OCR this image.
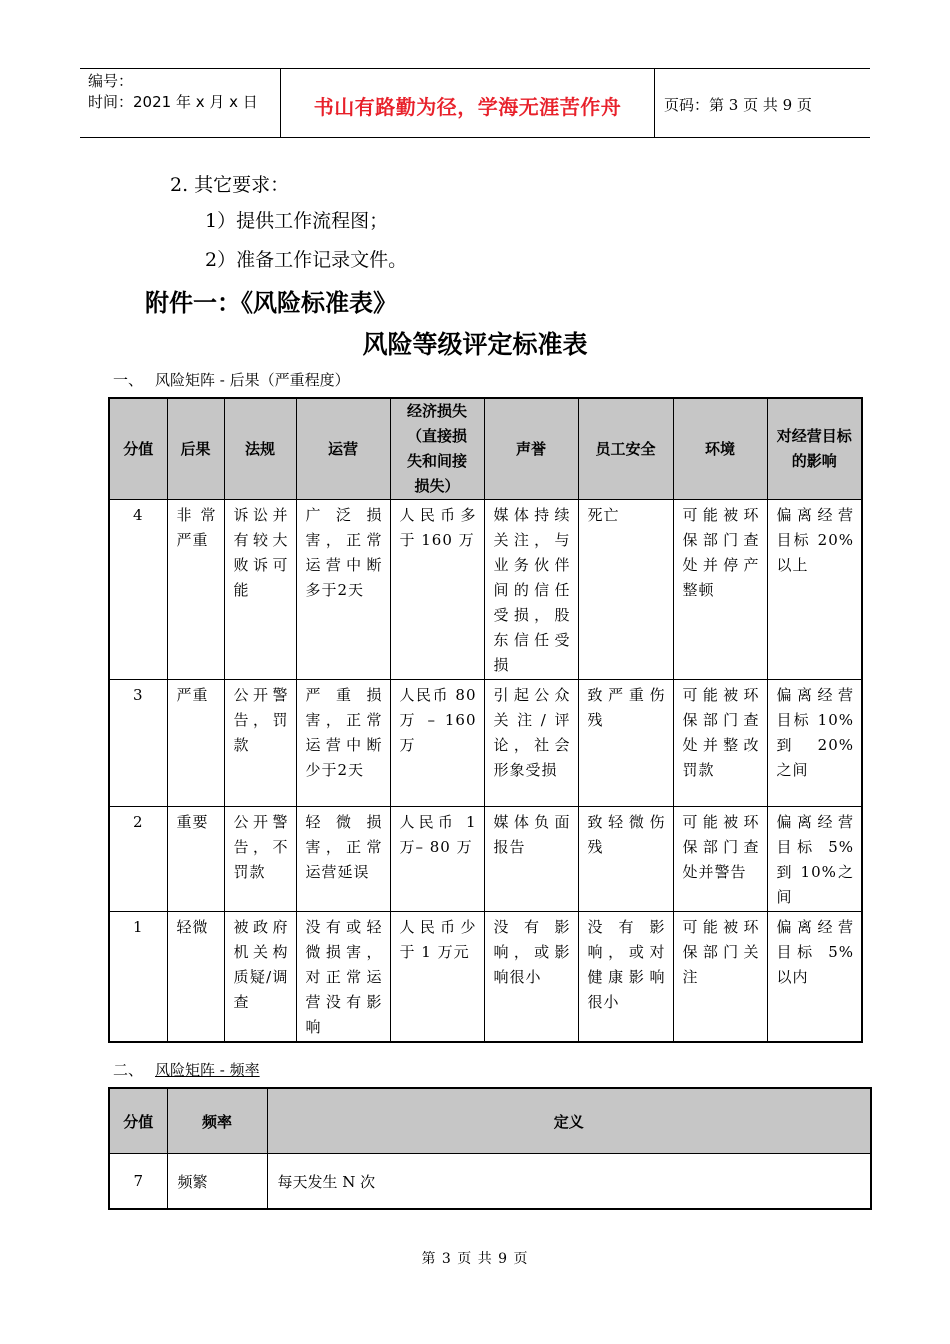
编号：
时间：2021 年 x 月 x 日	书山有路勤为径，学海无涯苦作舟	页码：第 3 页 共 9 页
2. 其它要求：
1）提供工作流程图；
2）准备工作记录文件。
附件一：《风险标准表》
风险等级评定标准表
一、 风险矩阵 - 后果（严重程度）
分值	后果	法规	运营	经济损失（直接损失和间接损失）	声誉	员工安全	环境	对经营目标的影响
4	非常严重	诉讼并有较大败诉可能	广泛损害，正常运营中断多于2天	人民币多于 160 万	媒体持续关注，与业务伙伴间的信任受损，股东信任受损	死亡	可能被环保部门查处并停产整顿	偏离经营目标 20% 以上
3	严重	公开警告，罚款	严重损害，正常运营中断少于2天	人民币 80 万 – 160 万	引起公众关注/评论，社会形象受损	致严重伤残	可能被环保部门查处并整改罚款	偏离经营目标 10% 到 20% 之间
2	重要	公开警告，不罚款	轻微损害，正常运营延误	人民币 1 万– 80 万	媒体负面报告	致轻微伤残	可能被环保部门查处并警告	偏离经营目标 5%到 10%之间
1	轻微	被政府机关构质疑/调查	没有或轻微损害，对正常运营没有影响	人民币少于 1 万元	没有影响，或影响很小	没有影响，或对健康影响很小	可能被环保部门关注	偏离经营目标 5%以内
二、 风险矩阵 - 频率
分值	频率	定义
7	频繁	每天发生 N 次
第 3 页 共 9 页
